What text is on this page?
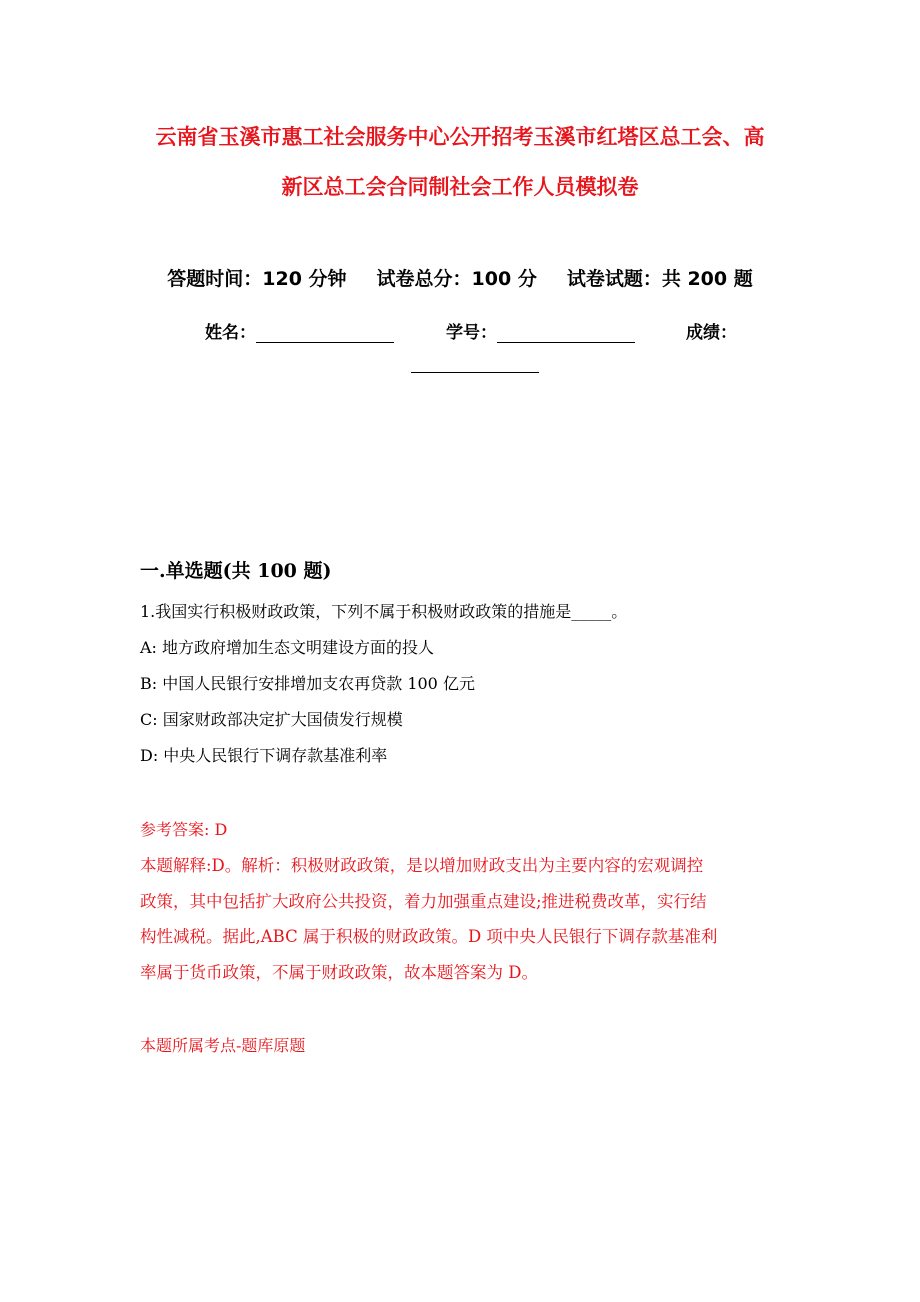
云南省玉溪市惠工社会服务中心公开招考玉溪市红塔区总工会、高
新区总工会合同制社会工作人员模拟卷
答题时间：120 分钟 试卷总分：100 分 试卷试题：共 200 题
姓名：	学号：	成绩：
一.单选题(共 100 题)
1.我国实行积极财政政策，下列不属于积极财政政策的措施是_____。
A: 地方政府增加生态文明建设方面的投人
B: 中国人民银行安排增加支农再贷款 100 亿元
C: 国家财政部决定扩大国债发行规模
D: 中央人民银行下调存款基准利率
参考答案: D
本题解释:D。解析：积极财政政策，是以增加财政支出为主要内容的宏观调控
政策，其中包括扩大政府公共投资，着力加强重点建设;推进税费改革，实行结
构性减税。据此,ABC 属于积极的财政政策。D 项中央人民银行下调存款基准利
率属于货币政策，不属于财政政策，故本题答案为 D。
本题所属考点-题库原题
